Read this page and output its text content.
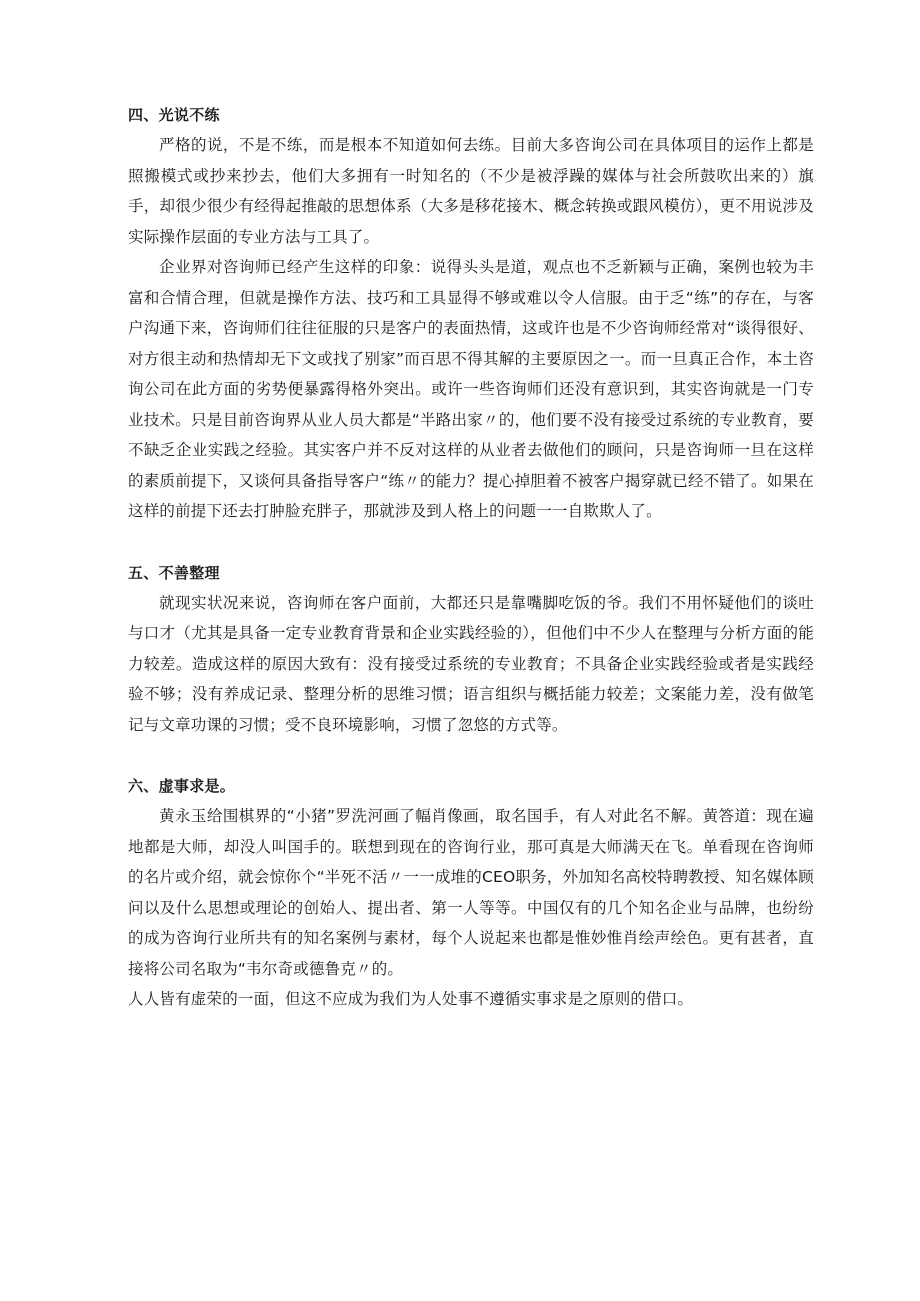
四、光说不练

严格的说，不是不练，而是根本不知道如何去练。目前大多咨询公司在具体项目的运作上都是照搬模式或抄来抄去，他们大多拥有一时知名的（不少是被浮躁的媒体与社会所鼓吹出来的）旗手，却很少很少有经得起推敲的思想体系（大多是移花接木、概念转换或跟风模仿），更不用说涉及实际操作层面的专业方法与工具了。

企业界对咨询师已经产生这样的印象：说得头头是道，观点也不乏新颖与正确，案例也较为丰富和合情合理，但就是操作方法、技巧和工具显得不够或难以令人信服。由于乏“练”的存在，与客户沟通下来，咨询师们往往征服的只是客户的表面热情，这或许也是不少咨询师经常对“谈得很好、对方很主动和热情却无下文或找了别家”而百思不得其解的主要原因之一。而一旦真正合作，本土咨询公司在此方面的劣势便暴露得格外突出。或许一些咨询师们还没有意识到，其实咨询就是一门专业技术。只是目前咨询界从业人员大都是“半路出家〃的，他们要不没有接受过系统的专业教育，要不缺乏企业实践之经验。其实客户并不反对这样的从业者去做他们的顾问，只是咨询师一旦在这样的素质前提下，又谈何具备指导客户“练〃的能力？提心掉胆着不被客户揭穿就已经不错了。如果在这样的前提下还去打肿脸充胖子，那就涉及到人格上的问题一一自欺欺人了。

五、不善整理

就现实状况来说，咨询师在客户面前，大都还只是靠嘴脚吃饭的爷。我们不用怀疑他们的谈吐与口才（尤其是具备一定专业教育背景和企业实践经验的），但他们中不少人在整理与分析方面的能力较差。造成这样的原因大致有：没有接受过系统的专业教育；不具备企业实践经验或者是实践经验不够；没有养成记录、整理分析的思维习惯；语言组织与概括能力较差；文案能力差，没有做笔记与文章功课的习惯；受不良环境影响，习惯了忽悠的方式等。

六、虚事求是。

黄永玉给围棋界的“小猪”罗洗河画了幅肖像画，取名国手，有人对此名不解。黄答道：现在遍地都是大师，却没人叫国手的。联想到现在的咨询行业，那可真是大师满天在飞。单看现在咨询师的名片或介绍，就会惊你个“半死不活〃一一成堆的CEO职务，外加知名高校特聘教授、知名媒体顾问以及什么思想或理论的创始人、提出者、第一人等等。中国仅有的几个知名企业与品牌，也纷纷的成为咨询行业所共有的知名案例与素材，每个人说起来也都是惟妙惟肖绘声绘色。更有甚者，直接将公司名取为“韦尔奇或德鲁克〃的。

人人皆有虚荣的一面，但这不应成为我们为人处事不遵循实事求是之原则的借口。
